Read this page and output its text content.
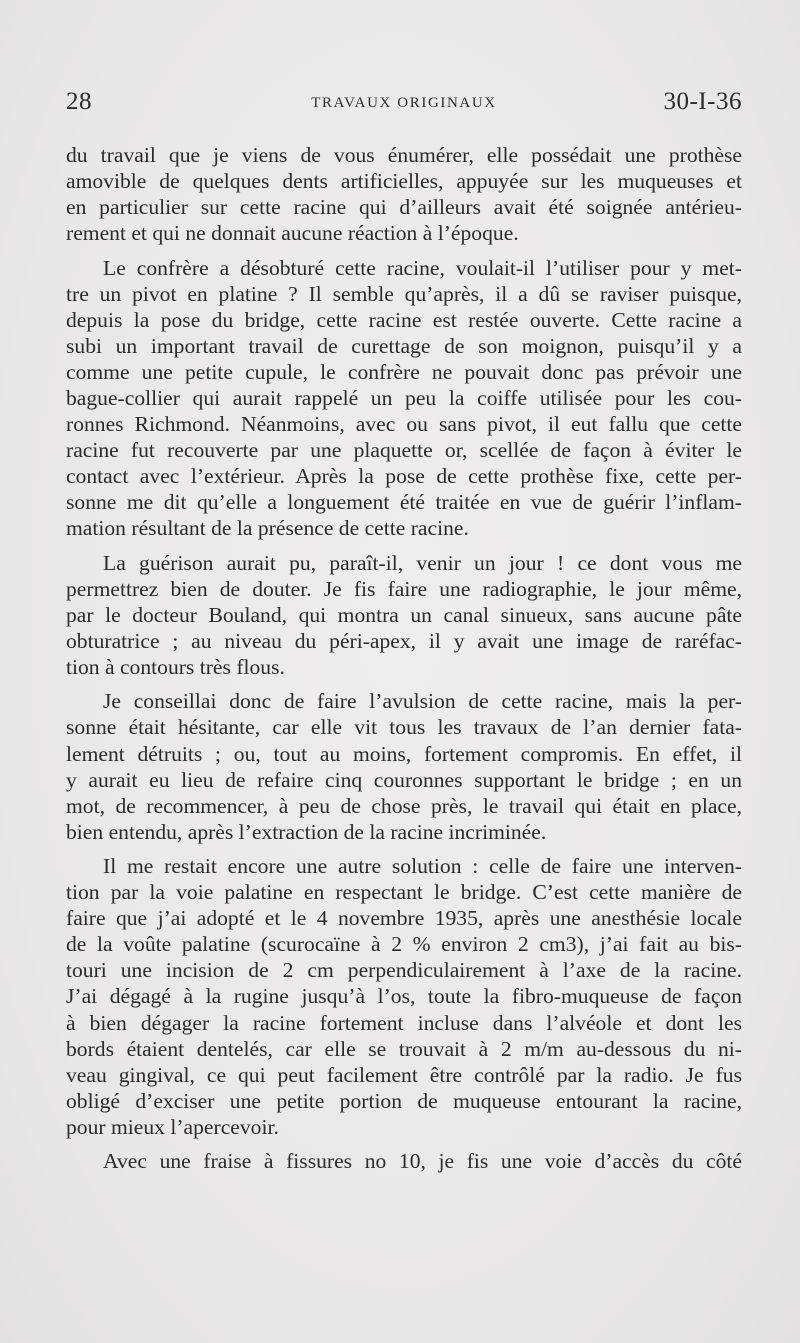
28	TRAVAUX ORIGINAUX	30-I-36
du travail que je viens de vous énumérer, elle possédait une prothèse
amovible de quelques dents artificielles, appuyée sur les muqueuses et
en particulier sur cette racine qui d’ailleurs avait été soignée antérieu-
rement et qui ne donnait aucune réaction à l’époque.
Le confrère a désobturé cette racine, voulait-il l’utiliser pour y met-
tre un pivot en platine ? Il semble qu’après, il a dû se raviser puisque,
depuis la pose du bridge, cette racine est restée ouverte. Cette racine a
subi un important travail de curettage de son moignon, puisqu’il y a
comme une petite cupule, le confrère ne pouvait donc pas prévoir une
bague-collier qui aurait rappelé un peu la coiffe utilisée pour les cou-
ronnes Richmond. Néanmoins, avec ou sans pivot, il eut fallu que cette
racine fut recouverte par une plaquette or, scellée de façon à éviter le
contact avec l’extérieur. Après la pose de cette prothèse fixe, cette per-
sonne me dit qu’elle a longuement été traitée en vue de guérir l’inflam-
mation résultant de la présence de cette racine.
La guérison aurait pu, paraît-il, venir un jour ! ce dont vous me
permettrez bien de douter. Je fis faire une radiographie, le jour même,
par le docteur Bouland, qui montra un canal sinueux, sans aucune pâte
obturatrice ; au niveau du péri-apex, il y avait une image de raréfac-
tion à contours très flous.
Je conseillai donc de faire l’avulsion de cette racine, mais la per-
sonne était hésitante, car elle vit tous les travaux de l’an dernier fata-
lement détruits ; ou, tout au moins, fortement compromis. En effet, il
y aurait eu lieu de refaire cinq couronnes supportant le bridge ; en un
mot, de recommencer, à peu de chose près, le travail qui était en place,
bien entendu, après l’extraction de la racine incriminée.
Il me restait encore une autre solution : celle de faire une interven-
tion par la voie palatine en respectant le bridge. C’est cette manière de
faire que j’ai adopté et le 4 novembre 1935, après une anesthésie locale
de la voûte palatine (scurocaïne à 2 % environ 2 cm3), j’ai fait au bis-
touri une incision de 2 cm perpendiculairement à l’axe de la racine.
J’ai dégagé à la rugine jusqu’à l’os, toute la fibro-muqueuse de façon
à bien dégager la racine fortement incluse dans l’alvéole et dont les
bords étaient dentelés, car elle se trouvait à 2 m/m au-dessous du ni-
veau gingival, ce qui peut facilement être contrôlé par la radio. Je fus
obligé d’exciser une petite portion de muqueuse entourant la racine,
pour mieux l’apercevoir.
Avec une fraise à fissures no 10, je fis une voie d’accès du côté
